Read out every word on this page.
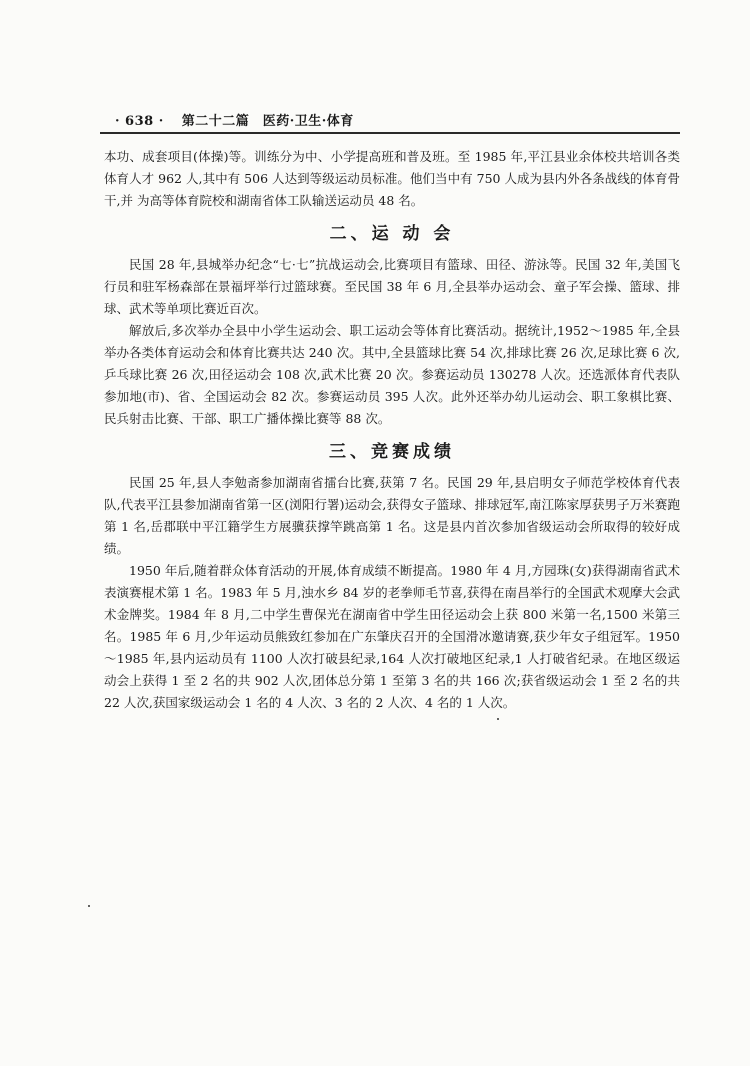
· 638 · 第二十二篇　医药·卫生·体育

本功、成套项目(体操)等。训练分为中、小学提高班和普及班。至 1985 年,平江县业余体校共培训各类体育人才 962 人,其中有 506 人达到等级运动员标准。他们当中有 750 人成为县内外各条战线的体育骨干,并 为高等体育院校和湖南省体工队输送运动员 48 名。

二、运 动 会

民国 28 年,县城举办纪念“七·七”抗战运动会,比赛项目有篮球、田径、游泳等。民国 32 年,美国飞行员和驻军杨森部在景福坪举行过篮球赛。至民国 38 年 6 月,全县举办运动会、童子军会操、篮球、排球、武术等单项比赛近百次。

解放后,多次举办全县中小学生运动会、职工运动会等体育比赛活动。据统计,1952～1985 年,全县举办各类体育运动会和体育比赛共达 240 次。其中,全县篮球比赛 54 次,排球比赛 26 次,足球比赛 6 次,乒乓球比赛 26 次,田径运动会 108 次,武术比赛 20 次。参赛运动员 130278 人次。还选派体育代表队参加地(市)、省、全国运动会 82 次。参赛运动员 395 人次。此外还举办幼儿运动会、职工象棋比赛、民兵射击比赛、干部、职工广播体操比赛等 88 次。

三、竞赛成绩

民国 25 年,县人李勉斋参加湖南省擂台比赛,获第 7 名。民国 29 年,县启明女子师范学校体育代表队,代表平江县参加湖南省第一区(浏阳行署)运动会,获得女子篮球、排球冠军,南江陈家厚获男子万米赛跑第 1 名,岳郡联中平江籍学生方展骥获撑竿跳高第 1 名。这是县内首次参加省级运动会所取得的较好成绩。

1950 年后,随着群众体育活动的开展,体育成绩不断提高。1980 年 4 月,方园珠(女)获得湖南省武术表演赛棍术第 1 名。1983 年 5 月,浊水乡 84 岁的老拳师毛节喜,获得在南昌举行的全国武术观摩大会武术金牌奖。1984 年 8 月,二中学生曹保光在湖南省中学生田径运动会上获 800 米第一名,1500 米第三名。1985 年 6 月,少年运动员熊致红参加在广东肇庆召开的全国滑冰邀请赛,获少年女子组冠军。1950～1985 年,县内运动员有 1100 人次打破县纪录,164 人次打破地区纪录,1 人打破省纪录。在地区级运动会上获得 1 至 2 名的共 902 人次,团体总分第 1 至第 3 名的共 166 次;获省级运动会 1 至 2 名的共 22 人次,获国家级运动会 1 名的 4 人次、3 名的 2 人次、4 名的 1 人次。
